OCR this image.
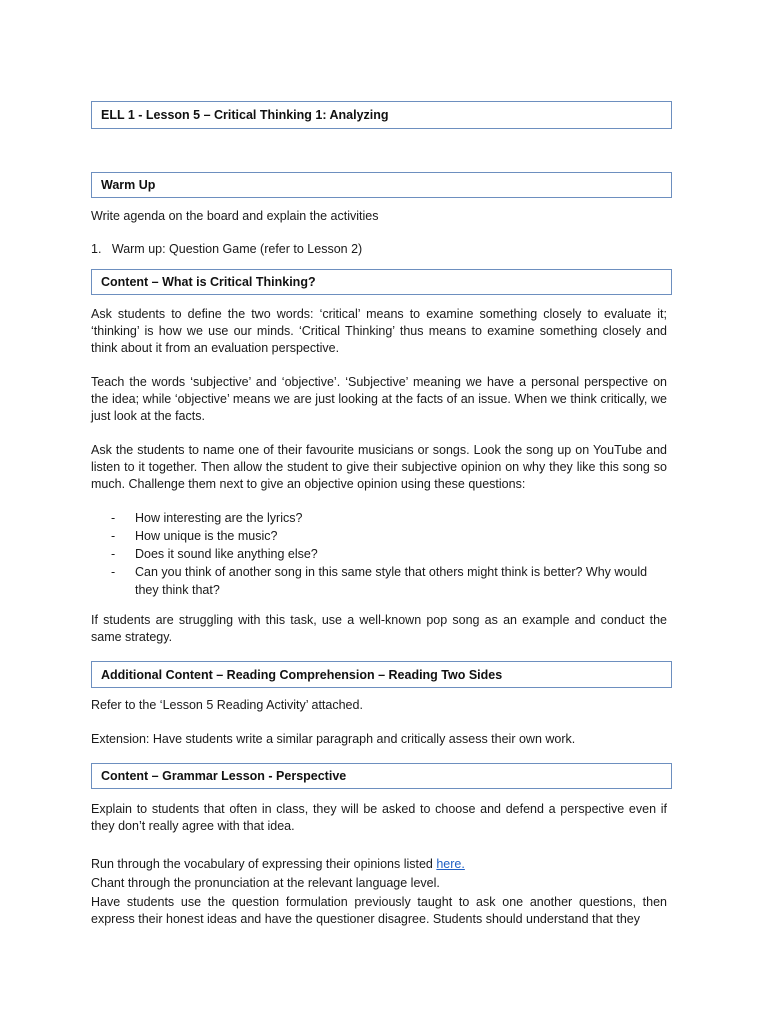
ELL 1 - Lesson 5 – Critical Thinking 1: Analyzing
Warm Up
Write agenda on the board and explain the activities
1. Warm up: Question Game (refer to Lesson 2)
Content – What is Critical Thinking?
Ask students to define the two words: ‘critical’ means to examine something closely to evaluate it; ‘thinking’ is how we use our minds. ‘Critical Thinking’ thus means to examine something closely and think about it from an evaluation perspective.
Teach the words ‘subjective’ and ‘objective’. ‘Subjective’ meaning we have a personal perspective on the idea; while ‘objective’ means we are just looking at the facts of an issue. When we think critically, we just look at the facts.
Ask the students to name one of their favourite musicians or songs. Look the song up on YouTube and listen to it together. Then allow the student to give their subjective opinion on why they like this song so much. Challenge them next to give an objective opinion using these questions:
- How interesting are the lyrics?
- How unique is the music?
- Does it sound like anything else?
- Can you think of another song in this same style that others might think is better? Why would they think that?
If students are struggling with this task, use a well-known pop song as an example and conduct the same strategy.
Additional Content – Reading Comprehension – Reading Two Sides
Refer to the ‘Lesson 5 Reading Activity’ attached.
Extension: Have students write a similar paragraph and critically assess their own work.
Content – Grammar Lesson - Perspective
Explain to students that often in class, they will be asked to choose and defend a perspective even if they don’t really agree with that idea.
Run through the vocabulary of expressing their opinions listed here.
Chant through the pronunciation at the relevant language level.
Have students use the question formulation previously taught to ask one another questions, then express their honest ideas and have the questioner disagree. Students should understand that they
